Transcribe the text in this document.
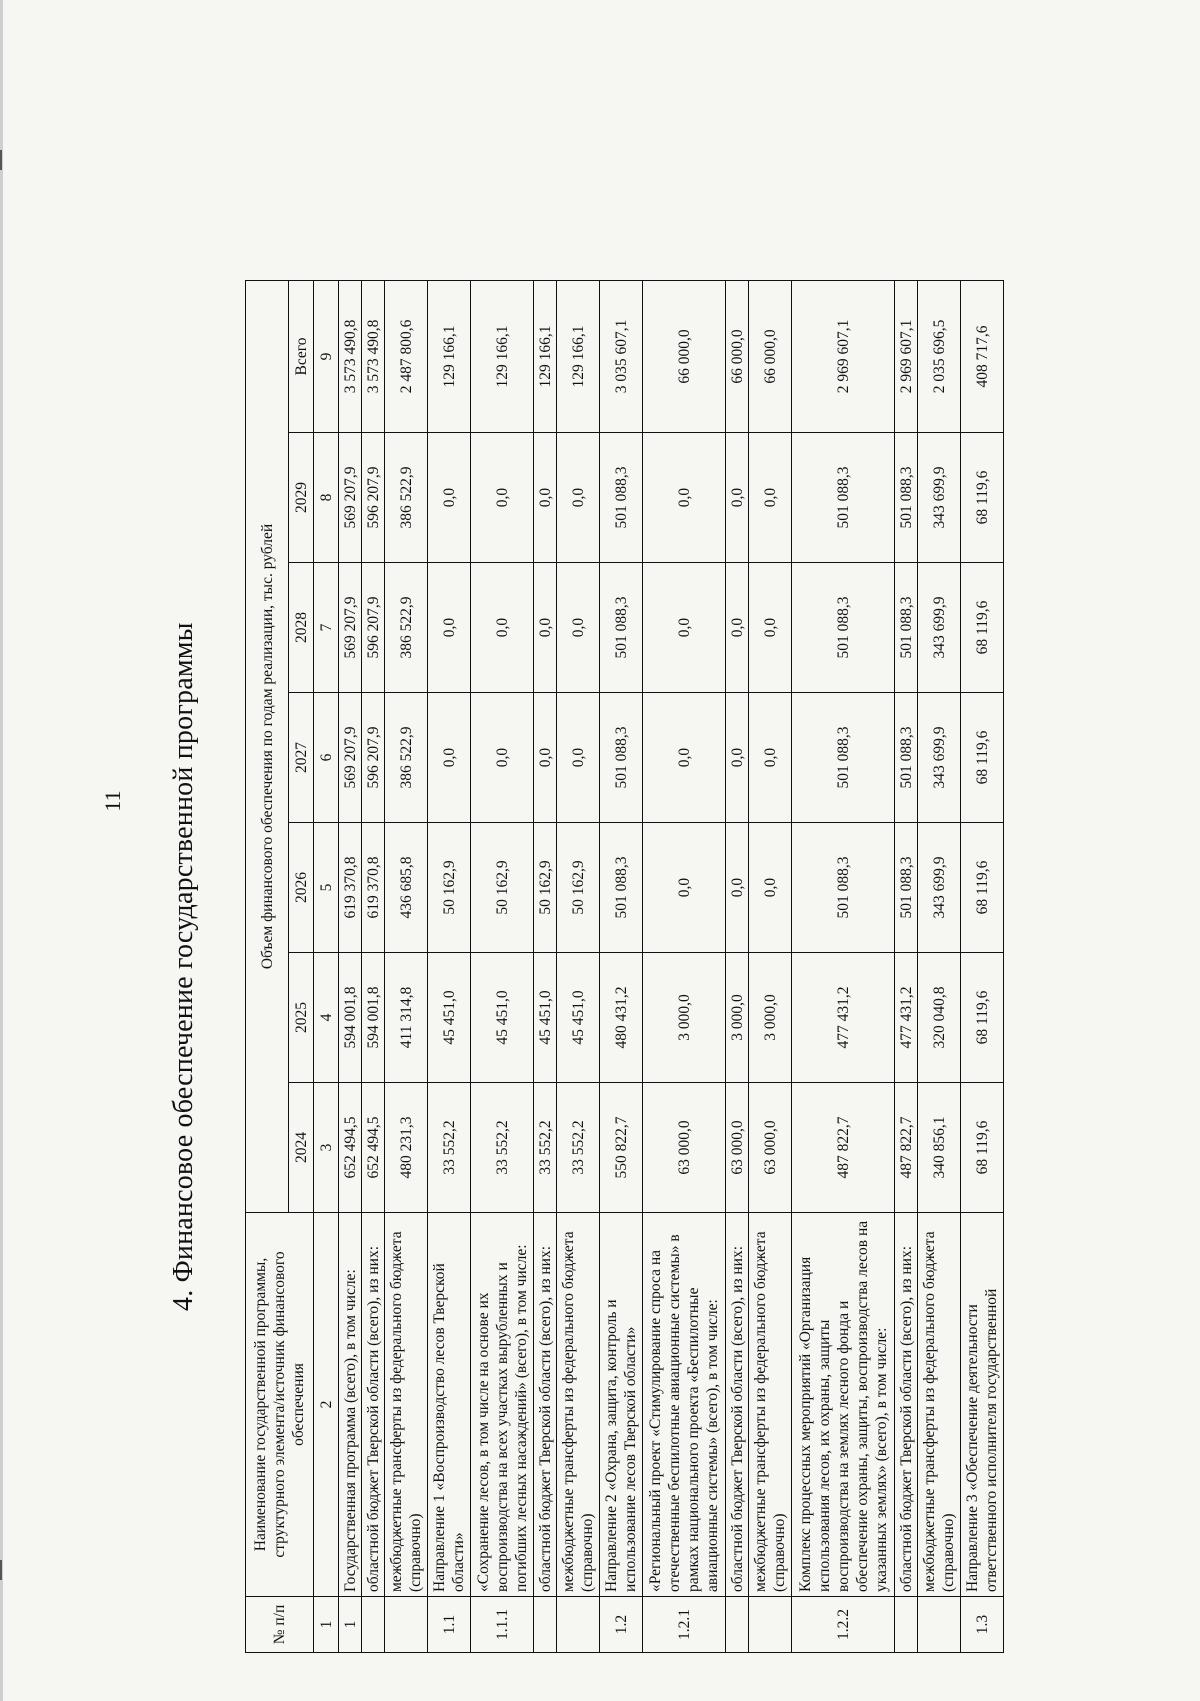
11 4. Финансовое обеспечение государственной программы
№ п/п	Наименование государственной программы, структурного элемента/источник финансового обеспечения	Объем финансового обеспечения по годам реализации, тыс. рублей						
		2024	2025	2026	2027	2028	2029	Всего
1	2	3	4	5	6	7	8	9
1	Государственная программа (всего), в том числе:	652 494,5	594 001,8	619 370,8	569 207,9	569 207,9	569 207,9	3 573 490,8
	областной бюджет Тверской области (всего), из них:	652 494,5	594 001,8	619 370,8	596 207,9	596 207,9	596 207,9	3 573 490,8
	межбюджетные трансферты из федерального бюджета (справочно)	480 231,3	411 314,8	436 685,8	386 522,9	386 522,9	386 522,9	2 487 800,6
1.1	Направление 1 «Воспроизводство лесов Тверской области»	33 552,2	45 451,0	50 162,9	0,0	0,0	0,0	129 166,1
1.1.1	«Сохранение лесов, в том числе на основе их воспроизводства на всех участках вырубленных и погибших лесных насаждений» (всего), в том числе:	33 552,2	45 451,0	50 162,9	0,0	0,0	0,0	129 166,1
	областной бюджет Тверской области (всего), из них:	33 552,2	45 451,0	50 162,9	0,0	0,0	0,0	129 166,1
	межбюджетные трансферты из федерального бюджета (справочно)	33 552,2	45 451,0	50 162,9	0,0	0,0	0,0	129 166,1
1.2	Направление 2 «Охрана, защита, контроль и использование лесов Тверской области»	550 822,7	480 431,2	501 088,3	501 088,3	501 088,3	501 088,3	3 035 607,1
1.2.1	«Региональный проект «Стимулирование спроса на отечественные беспилотные авиационные системы» в рамках национального проекта «Беспилотные авиационные системы» (всего), в том числе:	63 000,0	3 000,0	0,0	0,0	0,0	0,0	66 000,0
	областной бюджет Тверской области (всего), из них:	63 000,0	3 000,0	0,0	0,0	0,0	0,0	66 000,0
	межбюджетные трансферты из федерального бюджета (справочно)	63 000,0	3 000,0	0,0	0,0	0,0	0,0	66 000,0
1.2.2	Комплекс процессных мероприятий «Организация использования лесов, их охраны, защиты воспроизводства на землях лесного фонда и обеспечение охраны, защиты, воспроизводства лесов на указанных землях» (всего), в том числе:	487 822,7	477 431,2	501 088,3	501 088,3	501 088,3	501 088,3	2 969 607,1
	областной бюджет Тверской области (всего), из них:	487 822,7	477 431,2	501 088,3	501 088,3	501 088,3	501 088,3	2 969 607,1
	межбюджетные трансферты из федерального бюджета (справочно)	340 856,1	320 040,8	343 699,9	343 699,9	343 699,9	343 699,9	2 035 696,5
1.3	Направление 3 «Обеспечение деятельности ответственного исполнителя государственной	68 119,6	68 119,6	68 119,6	68 119,6	68 119,6	68 119,6	408 717,6
